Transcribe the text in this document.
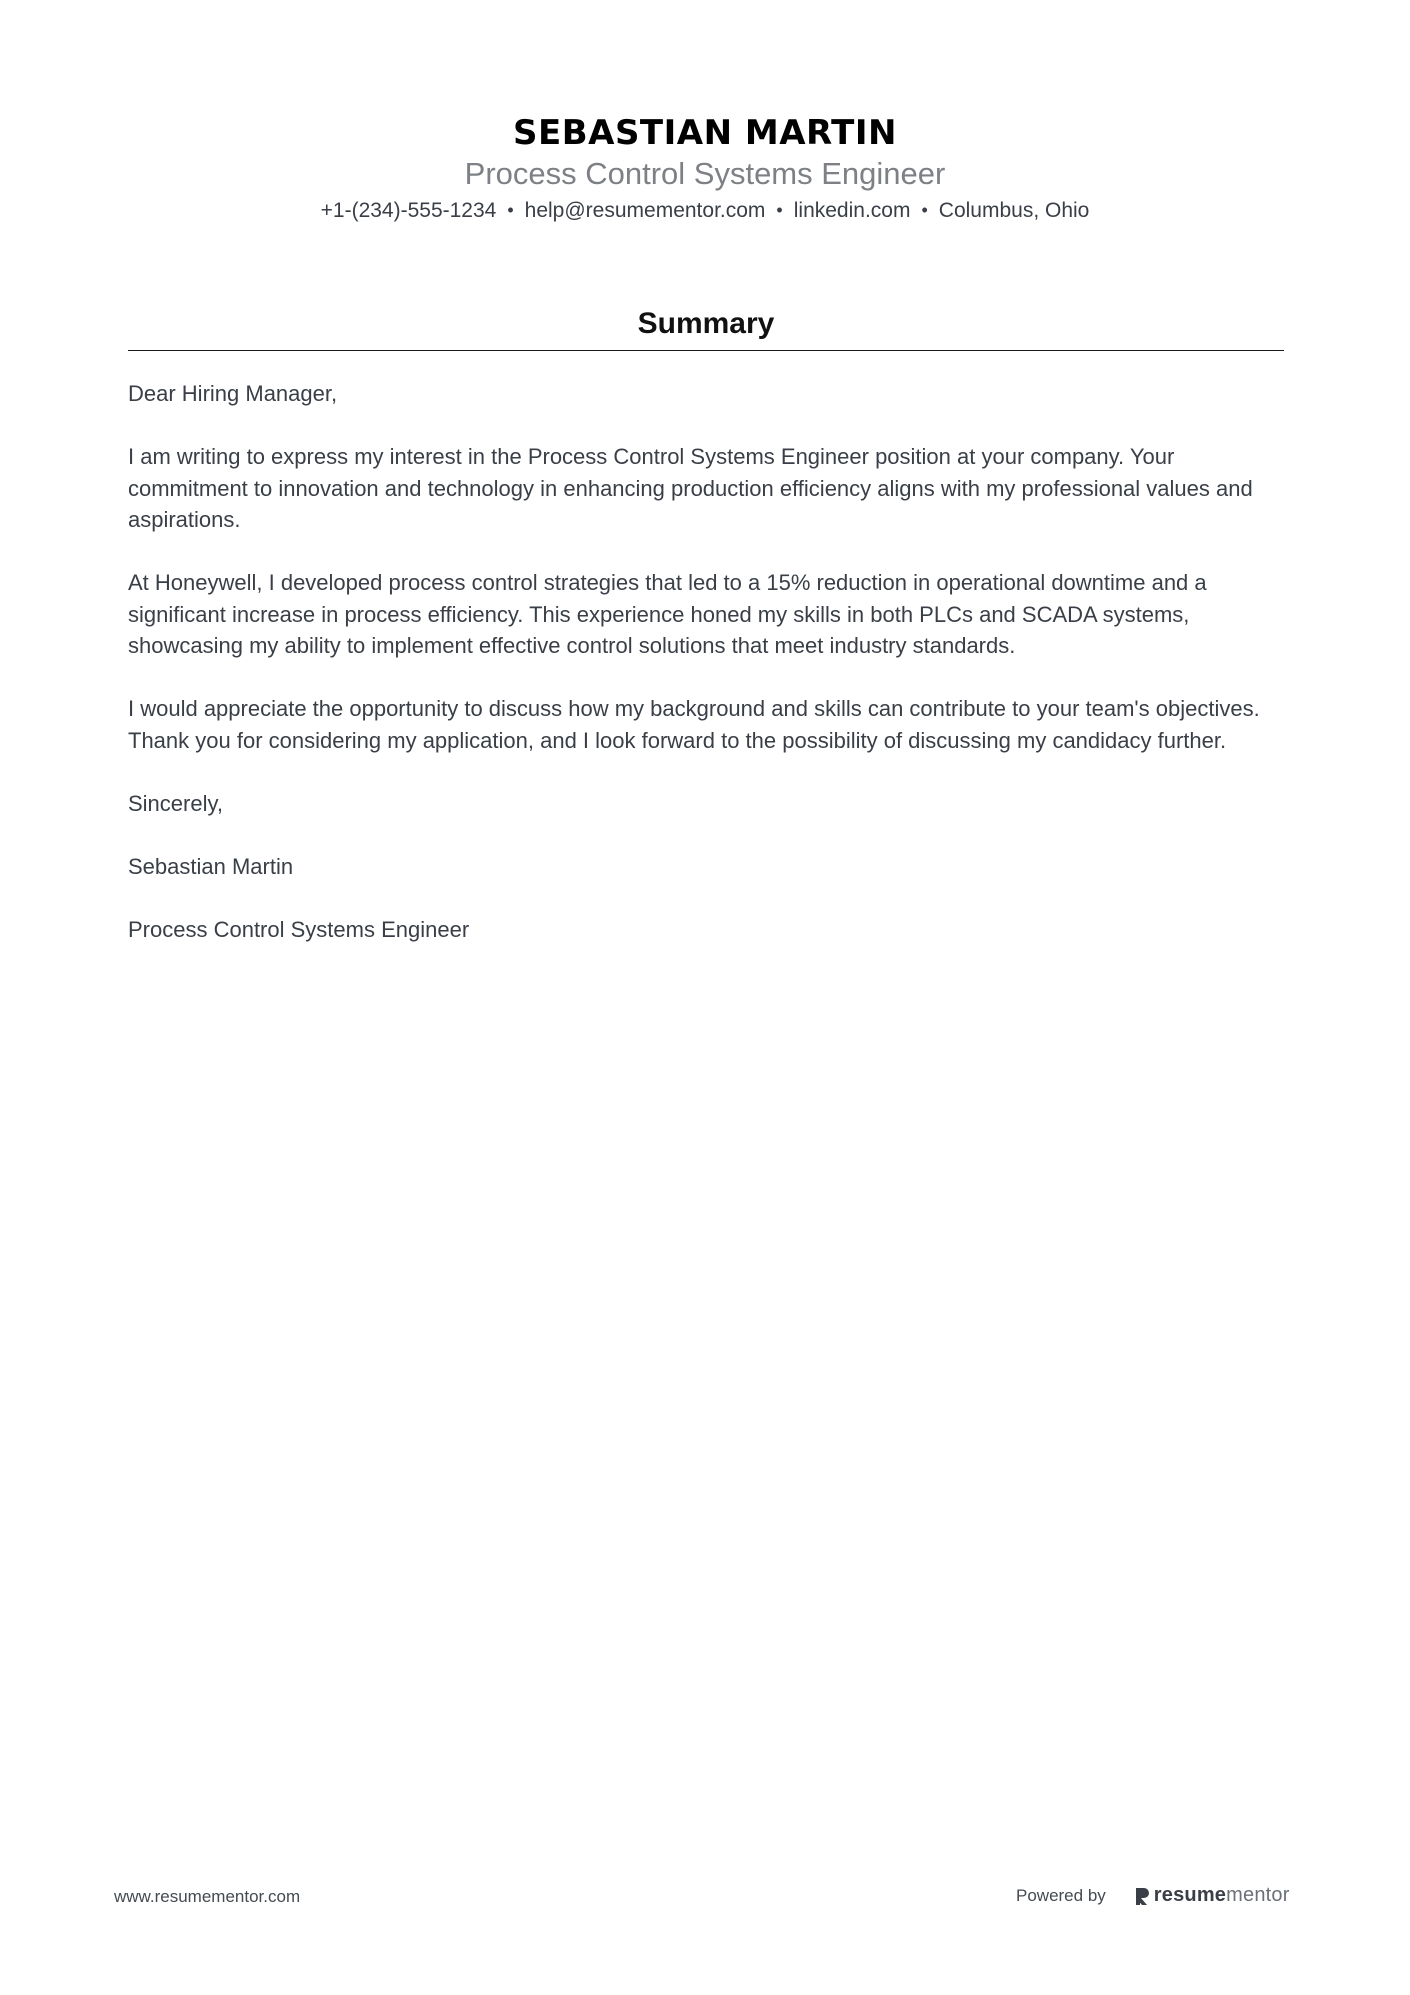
SEBASTIAN MARTIN
Process Control Systems Engineer
+1-(234)-555-1234 • help@resumementor.com • linkedin.com • Columbus, Ohio
Summary

Dear Hiring Manager,

I am writing to express my interest in the Process Control Systems Engineer position at your company. Your commitment to innovation and technology in enhancing production efficiency aligns with my professional values and aspirations.

At Honeywell, I developed process control strategies that led to a 15% reduction in operational downtime and a significant increase in process efficiency. This experience honed my skills in both PLCs and SCADA systems, showcasing my ability to implement effective control solutions that meet industry standards.

I would appreciate the opportunity to discuss how my background and skills can contribute to your team's objectives. Thank you for considering my application, and I look forward to the possibility of discussing my candidacy further.

Sincerely,

Sebastian Martin

Process Control Systems Engineer

www.resumementor.com	Powered by resume mentor
